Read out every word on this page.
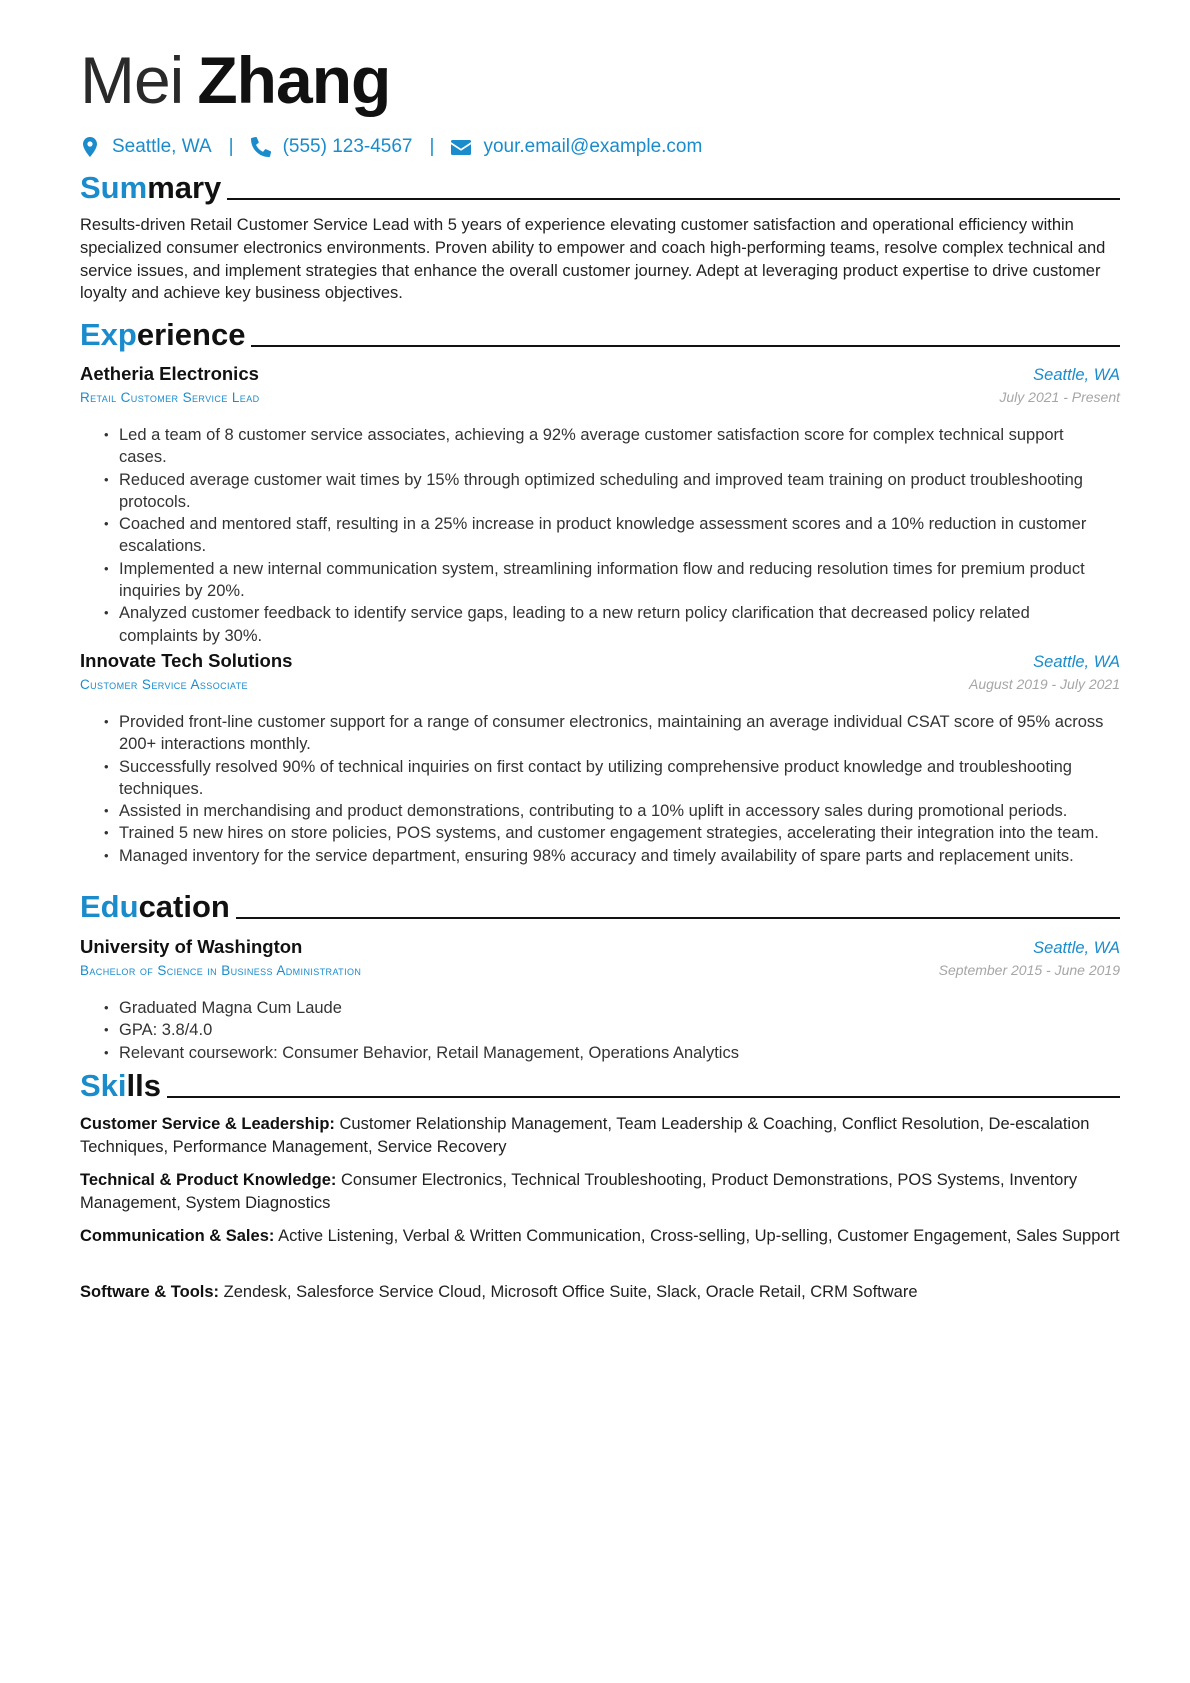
Mei Zhang
Seattle, WA |	(555) 123-4567 |	your.email@example.com
Summary
Results-driven Retail Customer Service Lead with 5 years of experience elevating customer satisfaction and operational efficiency within specialized consumer electronics environments. Proven ability to empower and coach high-performing teams, resolve complex technical and service issues, and implement strategies that enhance the overall customer journey. Adept at leveraging product expertise to drive customer loyalty and achieve key business objectives.
Experience
Aetheria Electronics	Seattle, WA
Retail Customer Service Lead	July 2021 - Present
• Led a team of 8 customer service associates, achieving a 92% average customer satisfaction score for complex technical support cases.
• Reduced average customer wait times by 15% through optimized scheduling and improved team training on product troubleshooting protocols.
• Coached and mentored staff, resulting in a 25% increase in product knowledge assessment scores and a 10% reduction in customer escalations.
• Implemented a new internal communication system, streamlining information flow and reducing resolution times for premium product inquiries by 20%.
• Analyzed customer feedback to identify service gaps, leading to a new return policy clarification that decreased policy related complaints by 30%.
Innovate Tech Solutions	Seattle, WA
Customer Service Associate	August 2019 - July 2021
• Provided front-line customer support for a range of consumer electronics, maintaining an average individual CSAT score of 95% across 200+ interactions monthly.
• Successfully resolved 90% of technical inquiries on first contact by utilizing comprehensive product knowledge and troubleshooting techniques.
• Assisted in merchandising and product demonstrations, contributing to a 10% uplift in accessory sales during promotional periods.
• Trained 5 new hires on store policies, POS systems, and customer engagement strategies, accelerating their integration into the team.
• Managed inventory for the service department, ensuring 98% accuracy and timely availability of spare parts and replacement units.
Education
University of Washington	Seattle, WA
Bachelor of Science in Business Administration	September 2015 - June 2019
• Graduated Magna Cum Laude
• GPA: 3.8/4.0
• Relevant coursework: Consumer Behavior, Retail Management, Operations Analytics
Skills
Customer Service & Leadership: Customer Relationship Management, Team Leadership & Coaching, Conflict Resolution, De-escalation Techniques, Performance Management, Service Recovery
Technical & Product Knowledge: Consumer Electronics, Technical Troubleshooting, Product Demonstrations, POS Systems, Inventory Management, System Diagnostics
Communication & Sales: Active Listening, Verbal & Written Communication, Cross-selling, Up-selling, Customer Engagement, Sales Support
Software & Tools: Zendesk, Salesforce Service Cloud, Microsoft Office Suite, Slack, Oracle Retail, CRM Software
